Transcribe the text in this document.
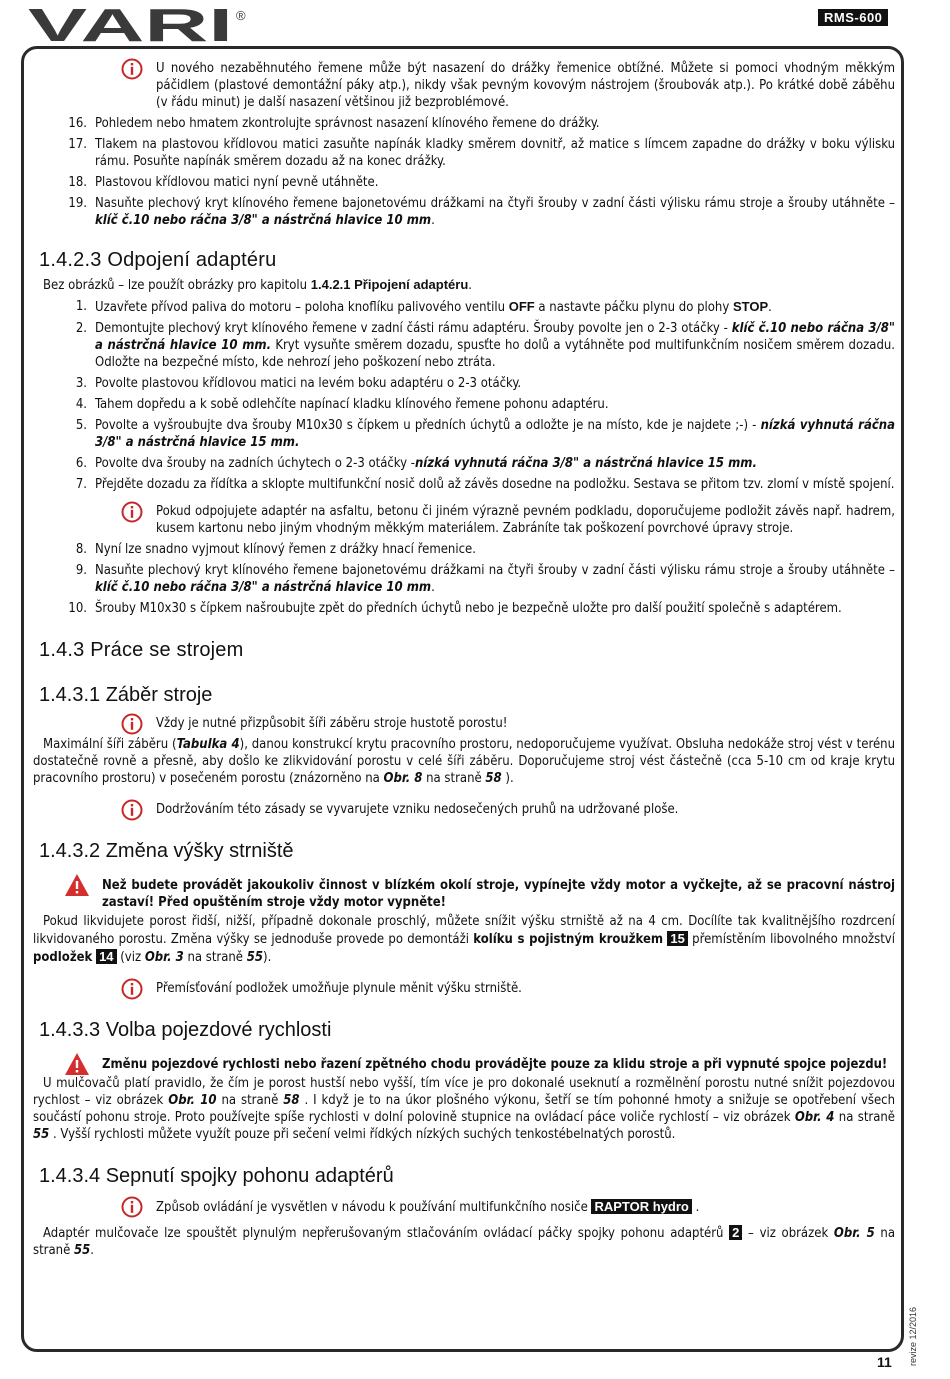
VARI ®	RMS-600

U nového nezaběhnutého řemene může být nasazení do drážky řemenice obtížné. Můžete si pomoci vhodným měkkým páčidlem (plastové demontážní páky atp.), nikdy však pevným kovovým nástrojem (šroubovák atp.). Po krátké době záběhu (v řádu minut) je další nasazení většinou již bezproblémové.

16. Pohledem nebo hmatem zkontrolujte správnost nasazení klínového řemene do drážky.
17. Tlakem na plastovou křídlovou matici zasuňte napínák kladky směrem dovnitř, až matice s límcem zapadne do drážky v boku výlisku rámu. Posuňte napínák směrem dozadu až na konec drážky.
18. Plastovou křídlovou matici nyní pevně utáhněte.
19. Nasuňte plechový kryt klínového řemene bajonetovému drážkami na čtyři šrouby v zadní části výlisku rámu stroje a šrouby utáhněte – klíč č.10 nebo ráčna 3/8" a nástrčná hlavice 10 mm.
1.4.2.3 Odpojení adaptéru

Bez obrázků – lze použít obrázky pro kapitolu 1.4.2.1 Připojení adaptéru.

1. Uzavřete přívod paliva do motoru – poloha knoflíku palivového ventilu OFF a nastavte páčku plynu do plohy STOP.
2. Demontujte plechový kryt klínového řemene v zadní části rámu adaptéru. Šrouby povolte jen o 2-3 otáčky - klíč č.10 nebo ráčna 3/8" a nástrčná hlavice 10 mm. Kryt vysuňte směrem dozadu, spusťte ho dolů a vytáhněte pod multifunkčním nosičem směrem dozadu. Odložte na bezpečné místo, kde nehrozí jeho poškození nebo ztráta.
3. Povolte plastovou křídlovou matici na levém boku adaptéru o 2-3 otáčky.
4. Tahem dopředu a k sobě odlehčíte napínací kladku klínového řemene pohonu adaptéru.
5. Povolte a vyšroubujte dva šrouby M10x30 s čípkem u předních úchytů a odložte je na místo, kde je najdete ;-) - nízká vyhnutá ráčna 3/8" a nástrčná hlavice 15 mm.
6. Povolte dva šrouby na zadních úchytech o 2-3 otáčky -nízká vyhnutá ráčna 3/8" a nástrčná hlavice 15 mm.
7. Přejděte dozadu za řídítka a sklopte multifunkční nosič dolů až závěs dosedne na podložku. Sestava se přitom tzv. zlomí v místě spojení.

Pokud odpojujete adaptér na asfaltu, betonu či jiném výrazně pevném podkladu, doporučujeme podložit závěs např. hadrem, kusem kartonu nebo jiným vhodným měkkým materiálem. Zabráníte tak poškození povrchové úpravy stroje.

8. Nyní lze snadno vyjmout klínový řemen z drážky hnací řemenice.
9. Nasuňte plechový kryt klínového řemene bajonetovému drážkami na čtyři šrouby v zadní části výlisku rámu stroje a šrouby utáhněte – klíč č.10 nebo ráčna 3/8" a nástrčná hlavice 10 mm.
10. Šrouby M10x30 s čípkem našroubujte zpět do předních úchytů nebo je bezpečně uložte pro další použití společně s adaptérem.
1.4.3 Práce se strojem
1.4.3.1 Záběr stroje

Vždy je nutné přizpůsobit šíři záběru stroje hustotě porostu!

Maximální šíři záběru (Tabulka 4), danou konstrukcí krytu pracovního prostoru, nedoporučujeme využívat. Obsluha nedokáže stroj vést v terénu dostatečně rovně a přesně, aby došlo ke zlikvidování porostu v celé šíři záběru. Doporučujeme stroj vést částečně (cca 5-10 cm od kraje krytu pracovního prostoru) v posečeném porostu (znázorněno na Obr. 8 na straně 58 ).

Dodržováním této zásady se vyvarujete vzniku nedosečených pruhů na udržované ploše.

1.4.3.2 Změna výšky strniště

Než budete provádět jakoukoliv činnost v blízkém okolí stroje, vypínejte vždy motor a vyčkejte, až se pracovní nástroj zastaví! Před opuštěním stroje vždy motor vypněte!

Pokud likvidujete porost řidší, nižší, případně dokonale proschlý, můžete snížit výšku strniště až na 4 cm. Docílíte tak kvalitnějšího rozdrcení likvidovaného porostu. Změna výšky se jednoduše provede po demontáži kolíku s pojistným kroužkem 15 přemístěním libovolného množství podložek 14 (viz Obr. 3 na straně 55).

Přemísťování podložek umožňuje plynule měnit výšku strniště.

1.4.3.3 Volba pojezdové rychlosti

Změnu pojezdové rychlosti nebo řazení zpětného chodu provádějte pouze za klidu stroje a při vypnuté spojce pojezdu!

U mulčovačů platí pravidlo, že čím je porost hustší nebo vyšší, tím více je pro dokonalé useknutí a rozmělnění porostu nutné snížit pojezdovou rychlost – viz obrázek Obr. 10 na straně 58 . I když je to na úkor plošného výkonu, šetří se tím pohonné hmoty a snižuje se opotřebení všech součástí pohonu stroje. Proto používejte spíše rychlosti v dolní polovině stupnice na ovládací páce voliče rychlostí – viz obrázek Obr. 4 na straně 55 . Vyšší rychlosti můžete využít pouze při sečení velmi řídkých nízkých suchých tenkostébelnatých porostů.

1.4.3.4 Sepnutí spojky pohonu adaptérů

Způsob ovládání je vysvětlen v návodu k používání multifunkčního nosiče RAPTOR hydro .

Adaptér mulčovače lze spouštět plynulým nepřerušovaným stlačováním ovládací páčky spojky pohonu adaptérů 2 – viz obrázek Obr. 5 na straně 55.

11 revize 12/2016
